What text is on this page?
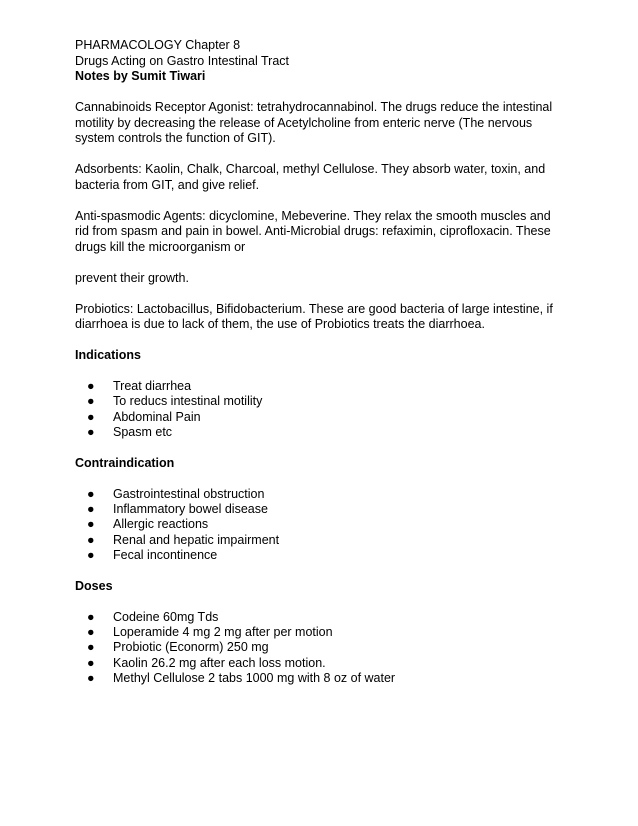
PHARMACOLOGY Chapter 8

Drugs Acting on Gastro Intestinal Tract

Notes by Sumit Tiwari

Cannabinoids Receptor Agonist: tetrahydrocannabinol. The drugs reduce the intestinal motility by decreasing the release of Acetylcholine from enteric nerve (The nervous system controls the function of GIT).

Adsorbents: Kaolin, Chalk, Charcoal, methyl Cellulose. They absorb water, toxin, and bacteria from GIT, and give relief.

Anti-spasmodic Agents: dicyclomine, Mebeverine. They relax the smooth muscles and rid from spasm and pain in bowel. Anti-Microbial drugs: refaximin, ciprofloxacin. These drugs kill the microorganism or

prevent their growth.

Probiotics: Lactobacillus, Bifidobacterium. These are good bacteria of large intestine, if diarrhoea is due to lack of them, the use of Probiotics treats the diarrhoea.

Indications

● Treat diarrhea
● To reducs intestinal motility
● Abdominal Pain
● Spasm etc

Contraindication

● Gastrointestinal obstruction
● Inflammatory bowel disease
● Allergic reactions
● Renal and hepatic impairment
● Fecal incontinence

Doses

● Codeine 60mg Tds
● Loperamide 4 mg 2 mg after per motion
● Probiotic (Econorm) 250 mg
● Kaolin 26.2 mg after each loss motion.
● Methyl Cellulose 2 tabs 1000 mg with 8 oz of water
